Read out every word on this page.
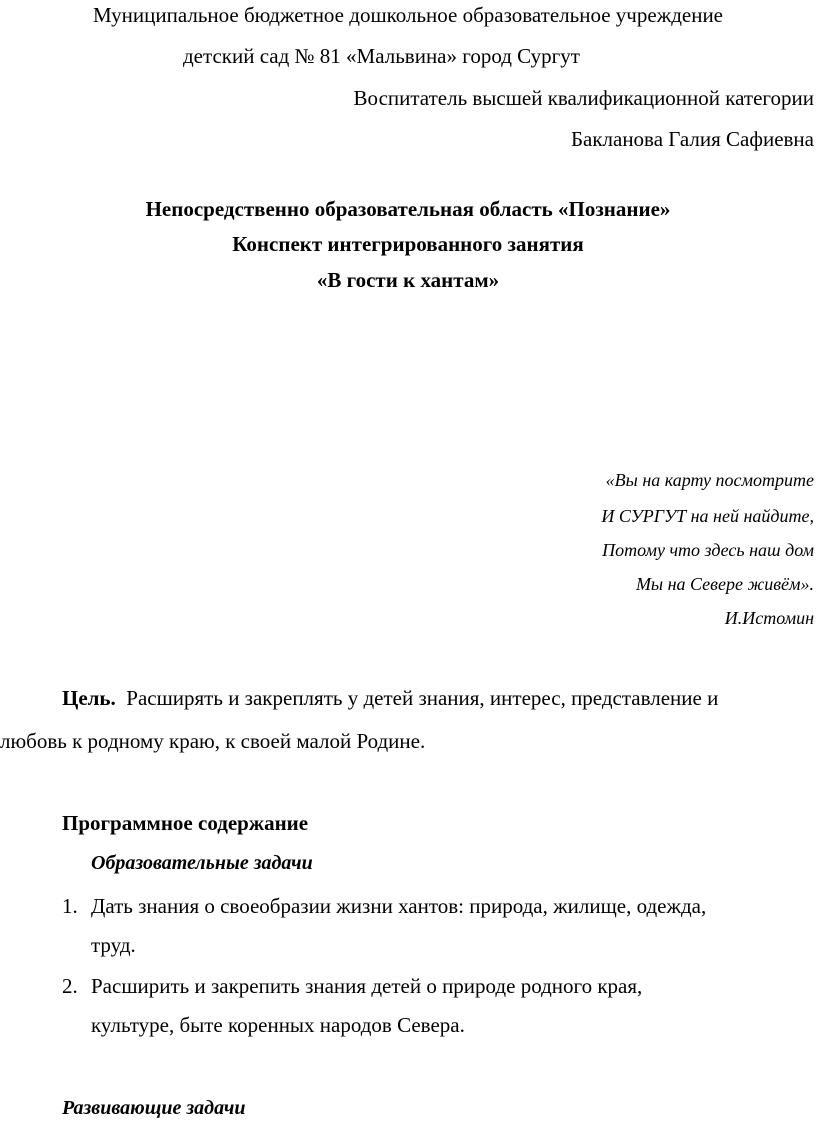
Муниципальное бюджетное дошкольное образовательное учреждение
детский сад № 81 «Мальвина» город Сургут
Воспитатель высшей квалификационной категории
Бакланова Галия Сафиевна
Непосредственно образовательная область «Познание»
Конспект интегрированного занятия
«В гости к хантам»
«Вы на карту посмотрите
И СУРГУТ на ней найдите,
Потому что здесь наш дом
Мы на Севере живём».
И.Истомин
Цель. Расширять и закреплять у детей знания, интерес, представление и
любовь к родному краю, к своей малой Родине.
Программное содержание
Образовательные задачи
1. Дать знания о своеобразии жизни хантов: природа, жилище, одежда,
труд.
2. Расширить и закрепить знания детей о природе родного края,
культуре, быте коренных народов Севера.
Развивающие задачи
